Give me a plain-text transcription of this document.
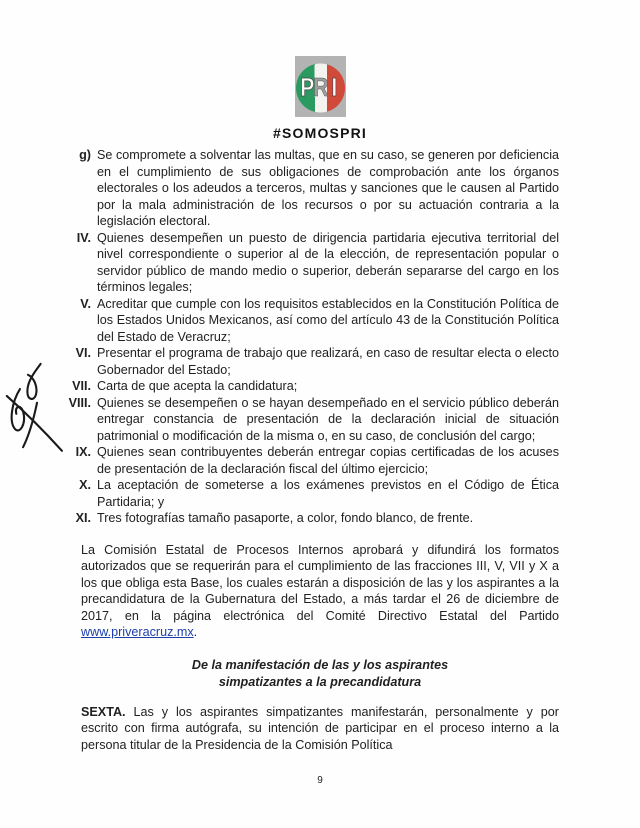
P
R I
#SOMOSPRI
g) Se compromete a solventar las multas, que en su caso, se generen por deficiencia en el cumplimiento de sus obligaciones de comprobación ante los órganos electorales o los adeudos a terceros, multas y sanciones que le causen al Partido por la mala administración de los recursos o por su actuación contraria a la legislación electoral.
IV. Quienes desempeñen un puesto de dirigencia partidaria ejecutiva territorial del nivel correspondiente o superior al de la elección, de representación popular o servidor público de mando medio o superior, deberán separarse del cargo en los términos legales;
V. Acreditar que cumple con los requisitos establecidos en la Constitución Política de los Estados Unidos Mexicanos, así como del artículo 43 de la Constitución Política del Estado de Veracruz;
VI. Presentar el programa de trabajo que realizará, en caso de resultar electa o electo Gobernador del Estado;
VII. Carta de que acepta la candidatura;
VIII. Quienes se desempeñen o se hayan desempeñado en el servicio público deberán entregar constancia de presentación de la declaración inicial de situación patrimonial o modificación de la misma o, en su caso, de conclusión del cargo;
IX. Quienes sean contribuyentes deberán entregar copias certificadas de los acuses de presentación de la declaración fiscal del último ejercicio;
X. La aceptación de someterse a los exámenes previstos en el Código de Ética Partidaria; y
XI. Tres fotografías tamaño pasaporte, a color, fondo blanco, de frente.
La Comisión Estatal de Procesos Internos aprobará y difundirá los formatos autorizados que se requerirán para el cumplimiento de las fracciones III, V, VII y X a los que obliga esta Base, los cuales estarán a disposición de las y los aspirantes a la precandidatura de la Gubernatura del Estado, a más tardar el 26 de diciembre de 2017, en la página electrónica del Comité Directivo Estatal del Partido www.priveracruz.mx.
De la manifestación de las y los aspirantes
simpatizantes a la precandidatura
SEXTA. Las y los aspirantes simpatizantes manifestarán, personalmente y por escrito con firma autógrafa, su intención de participar en el proceso interno a la persona titular de la Presidencia de la Comisión Política
9
